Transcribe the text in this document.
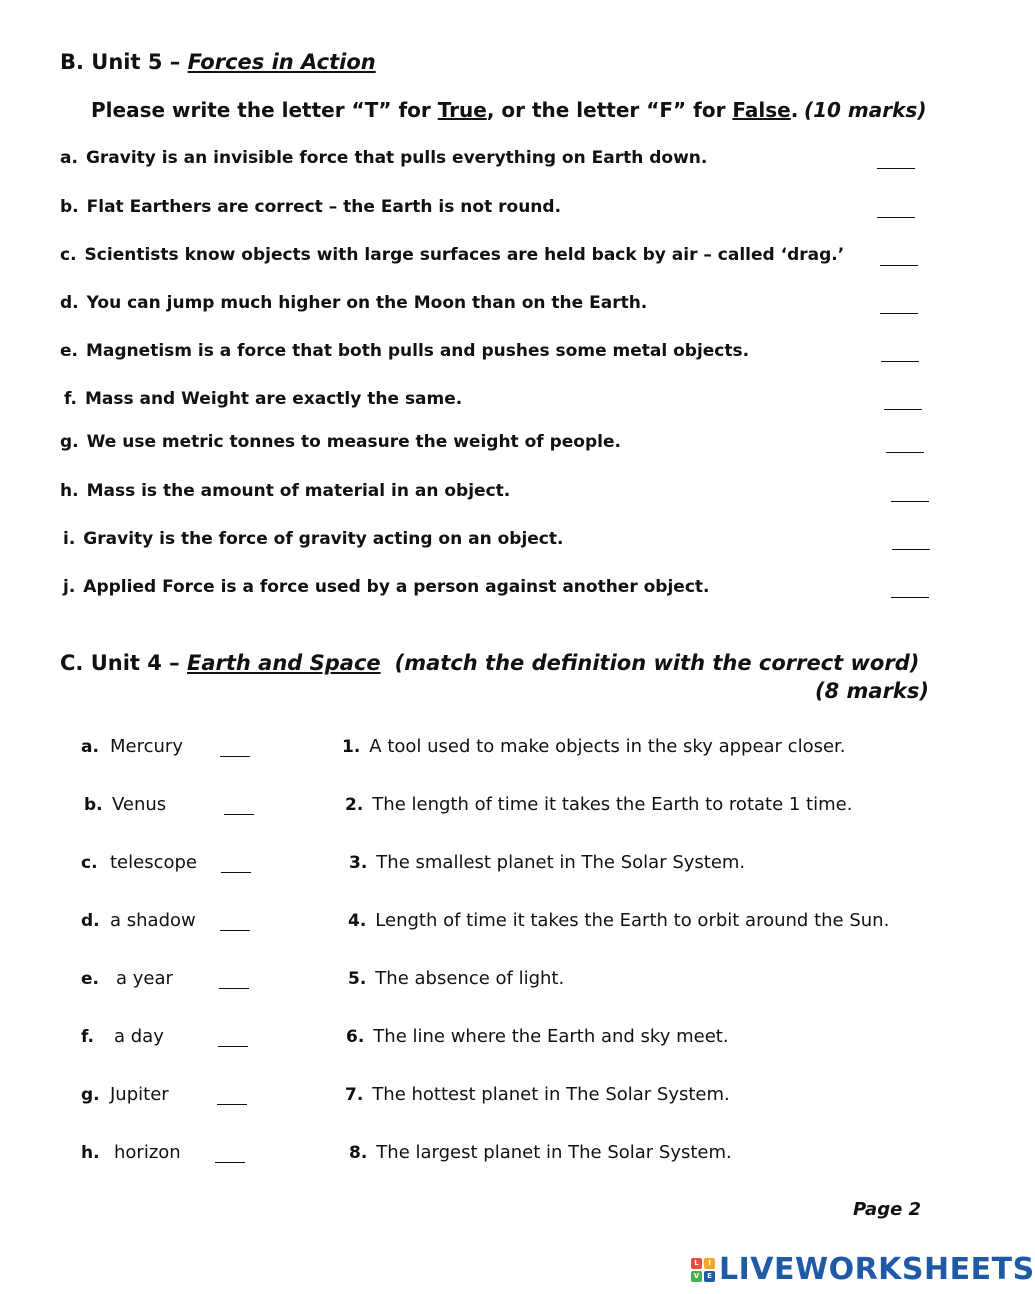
B. Unit 5 – Forces in Action
Please write the letter “T” for True, or the letter “F” for False. (10 marks)
a. Gravity is an invisible force that pulls everything on Earth down.
b. Flat Earthers are correct – the Earth is not round.
c. Scientists know objects with large surfaces are held back by air – called ‘drag.’
d. You can jump much higher on the Moon than on the Earth.
e. Magnetism is a force that both pulls and pushes some metal objects.
f. Mass and Weight are exactly the same.
g. We use metric tonnes to measure the weight of people.
h. Mass is the amount of material in an object.
i. Gravity is the force of gravity acting on an object.
j. Applied Force is a force used by a person against another object.
C. Unit 4 – Earth and Space (match the definition with the correct word)
(8 marks)
a. Mercury
b. Venus
c. telescope
d. a shadow
e. a year
f. a day
g. Jupiter
h. horizon
1. A tool used to make objects in the sky appear closer.
2. The length of time it takes the Earth to rotate 1 time.
3. The smallest planet in The Solar System.
4. Length of time it takes the Earth to orbit around the Sun.
5. The absence of light.
6. The line where the Earth and sky meet.
7. The hottest planet in The Solar System.
8. The largest planet in The Solar System.
Page 2
L	I
V	E LIVEWORKSHEETS
